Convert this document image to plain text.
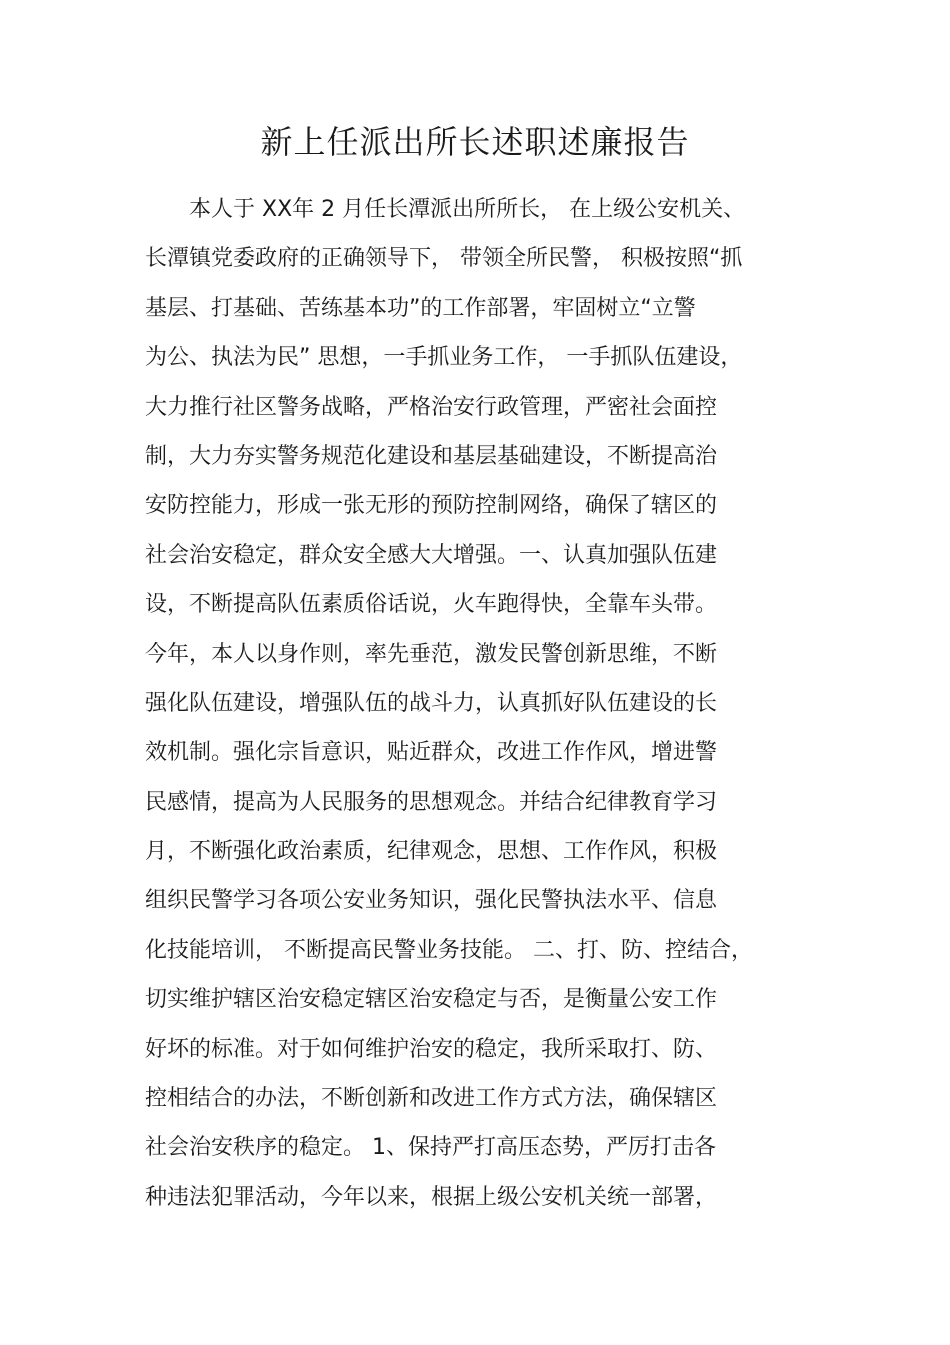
新上任派出所长述职述廉报告
　　本人于 XX年 2 月任长潭派出所所长， 在上级公安机关、
长潭镇党委政府的正确领导下， 带领全所民警， 积极按照“抓
基层、打基础、苦练基本功”的工作部署，牢固树立“立警
为公、执法为民” 思想，一手抓业务工作， 一手抓队伍建设，
大力推行社区警务战略，严格治安行政管理，严密社会面控
制，大力夯实警务规范化建设和基层基础建设，不断提高治
安防控能力，形成一张无形的预防控制网络，确保了辖区的
社会治安稳定，群众安全感大大增强。一、认真加强队伍建
设，不断提高队伍素质俗话说，火车跑得快，全靠车头带。
今年，本人以身作则，率先垂范，激发民警创新思维，不断
强化队伍建设，增强队伍的战斗力，认真抓好队伍建设的长
效机制。强化宗旨意识，贴近群众，改进工作作风，增进警
民感情，提高为人民服务的思想观念。并结合纪律教育学习
月，不断强化政治素质，纪律观念，思想、工作作风，积极
组织民警学习各项公安业务知识，强化民警执法水平、信息
化技能培训， 不断提高民警业务技能。 二、打、防、控结合，
切实维护辖区治安稳定辖区治安稳定与否，是衡量公安工作
好坏的标准。对于如何维护治安的稳定，我所采取打、防、
控相结合的办法，不断创新和改进工作方式方法，确保辖区
社会治安秩序的稳定。 1、保持严打高压态势，严厉打击各
种违法犯罪活动，今年以来，根据上级公安机关统一部署，
